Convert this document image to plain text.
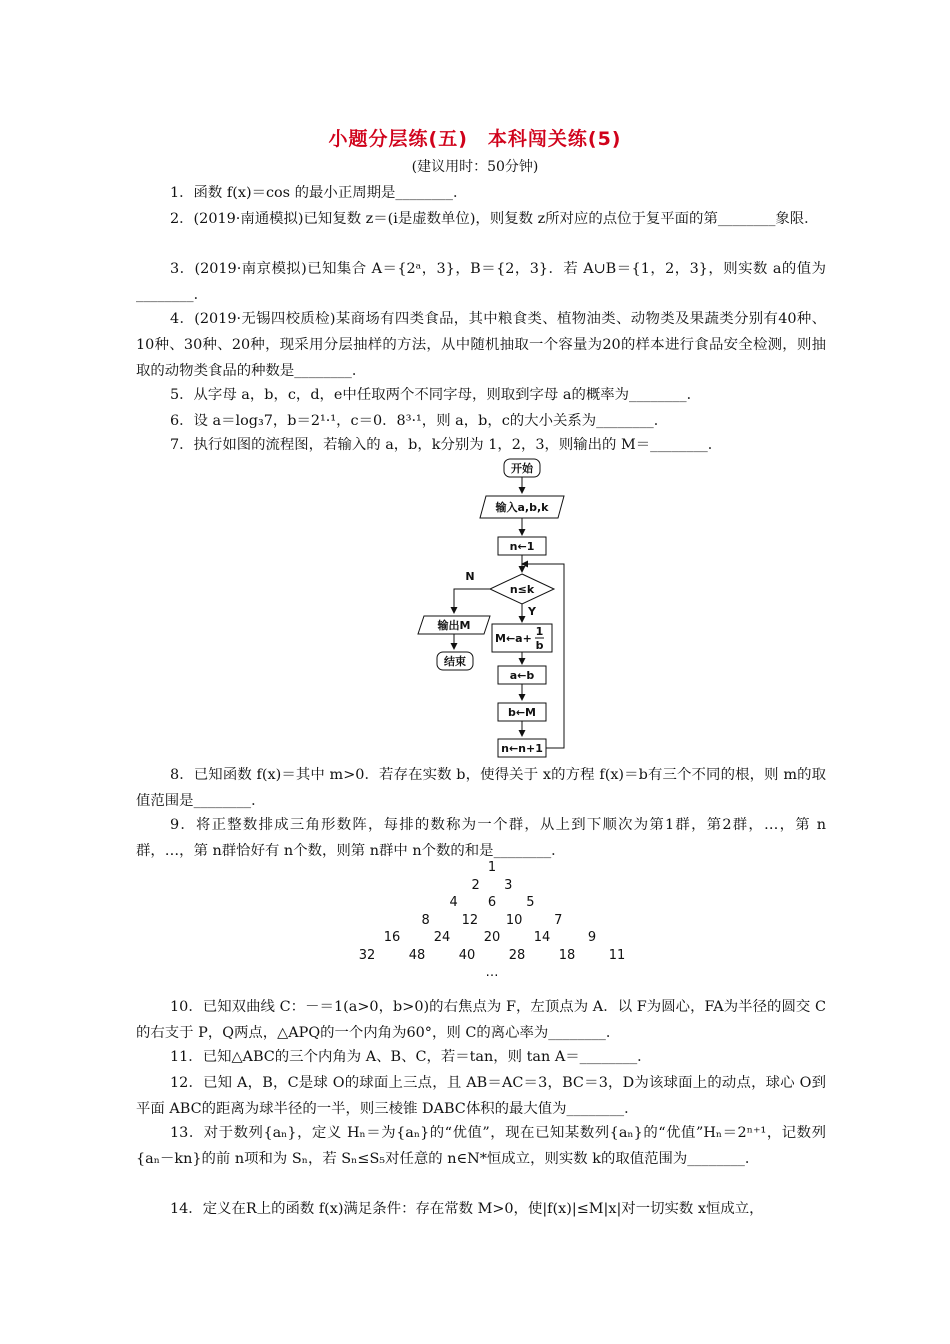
小题分层练(五)　本科闯关练(5)
(建议用时：50分钟)

1．函数 f(x)＝cos 的最小正周期是________．

2．(2019·南通模拟)已知复数 z＝(i是虚数单位)，则复数 z所对应的点位于复平面的第________象限．

3．(2019·南京模拟)已知集合 A＝{2ᵃ，3}，B＝{2，3}．若 A∪B＝{1，2，3}，则实数 a的值为________．

4．(2019·无锡四校质检)某商场有四类食品，其中粮食类、植物油类、动物类及果蔬类分别有40种、10种、30种、20种，现采用分层抽样的方法，从中随机抽取一个容量为20的样本进行食品安全检测，则抽取的动物类食品的种数是________．

5．从字母 a，b，c，d，e中任取两个不同字母，则取到字母 a的概率为________．

6．设 a＝log₃7，b＝2¹·¹，c＝0．8³·¹，则 a，b，c的大小关系为________．

7．执行如图的流程图，若输入的 a，b，k分别为 1，2，3，则输出的 M＝________．

开始
输入a,b,k
n←1
n≤k
N
Y
输出M
结束
M←a+
1
b
a←b
b←M
n←n+1

8．已知函数 f(x)＝其中 m>0．若存在实数 b，使得关于 x的方程 f(x)＝b有三个不同的根，则 m的取值范围是________．

9．将正整数排成三角形数阵，每排的数称为一个群，从上到下顺次为第1群，第2群，…，第 n群，…，第 n群恰好有 n个数，则第 n群中 n个数的和是________．

1
2 3
4 6 5
8 12 10 7
16	24	20	14	9
32	48	40	28	18	11
…

10．已知双曲线 C：－＝1(a>0，b>0)的右焦点为 F，左顶点为 A．以 F为圆心，FA为半径的圆交 C的右支于 P，Q两点，△APQ的一个内角为60°，则 C的离心率为________．

11．已知△ABC的三个内角为 A、B、C，若＝tan，则 tan A＝________．

12．已知 A，B，C是球 O的球面上三点，且 AB＝AC＝3，BC＝3，D为该球面上的动点，球心 O到平面 ABC的距离为球半径的一半，则三棱锥 DABC体积的最大值为________．

13．对于数列{aₙ}，定义 Hₙ＝为{aₙ}的“优值”，现在已知某数列{aₙ}的“优值”Hₙ＝2ⁿ⁺¹，记数列{aₙ－kn}的前 n项和为 Sₙ，若 Sₙ≤S₅对任意的 n∈N*恒成立，则实数 k的取值范围为________．

14．定义在R上的函数 f(x)满足条件：存在常数 M>0，使|f(x)|≤M|x|对一切实数 x恒成立，
